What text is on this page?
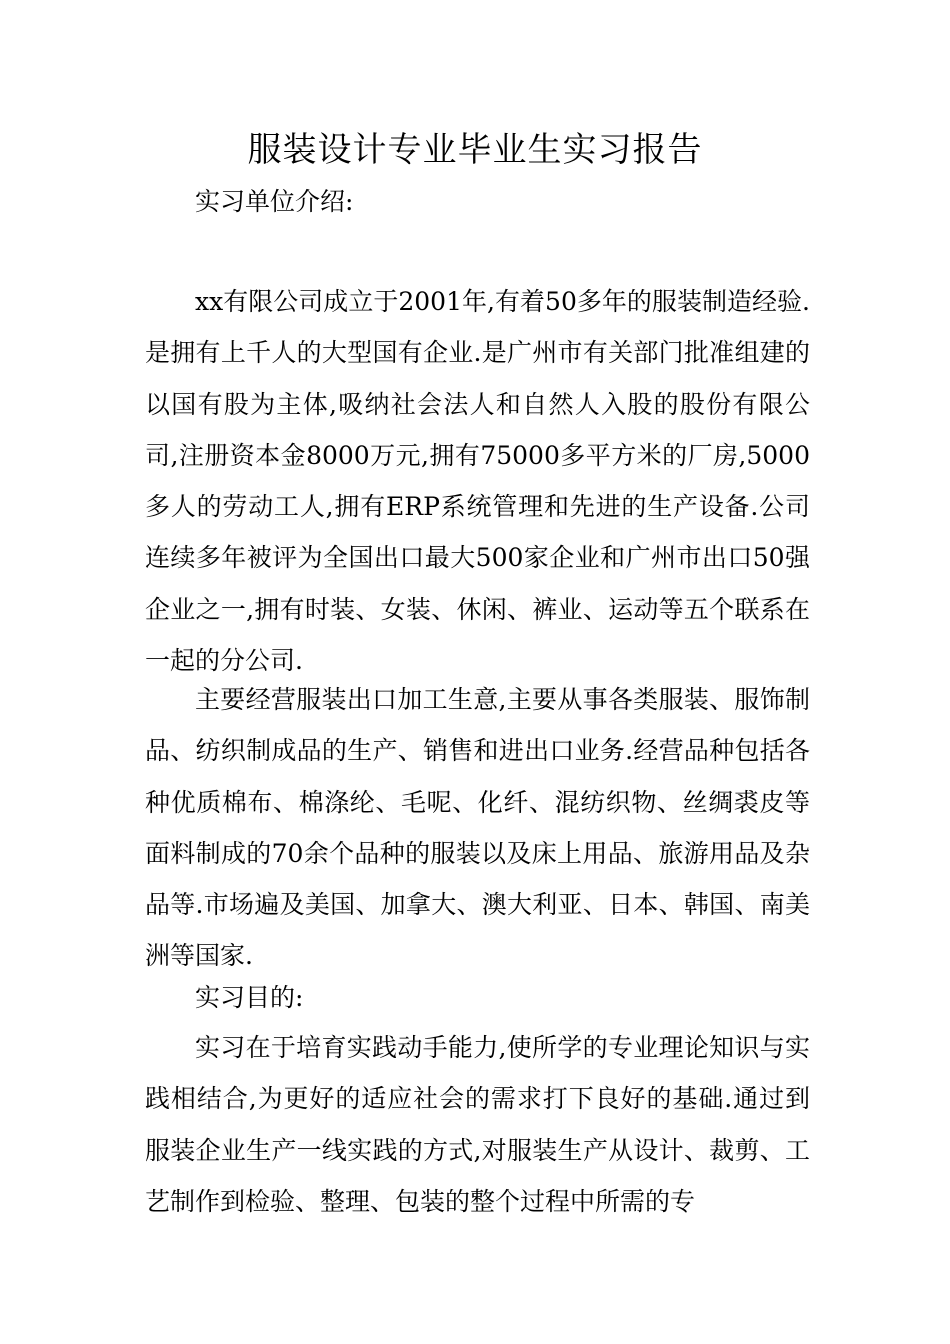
服装设计专业毕业生实习报告
实习单位介绍:

xx有限公司成立于2001年,有着50多年的服装制造经验.是拥有上千人的大型国有企业.是广州市有关部门批准组建的以国有股为主体,吸纳社会法人和自然人入股的股份有限公司,注册资本金8000万元,拥有75000多平方米的厂房,5000多人的劳动工人,拥有ERP系统管理和先进的生产设备.公司连续多年被评为全国出口最大500家企业和广州市出口50强企业之一,拥有时装、女装、休闲、裤业、运动等五个联系在一起的分公司.

主要经营服装出口加工生意,主要从事各类服装、服饰制品、纺织制成品的生产、销售和进出口业务.经营品种包括各种优质棉布、棉涤纶、毛呢、化纤、混纺织物、丝绸裘皮等面料制成的70余个品种的服装以及床上用品、旅游用品及杂品等.市场遍及美国、加拿大、澳大利亚、日本、韩国、南美洲等国家.

实习目的:

实习在于培育实践动手能力,使所学的专业理论知识与实践相结合,为更好的适应社会的需求打下良好的基础.通过到服装企业生产一线实践的方式,对服装生产从设计、裁剪、工艺制作到检验、整理、包装的整个过程中所需的专
